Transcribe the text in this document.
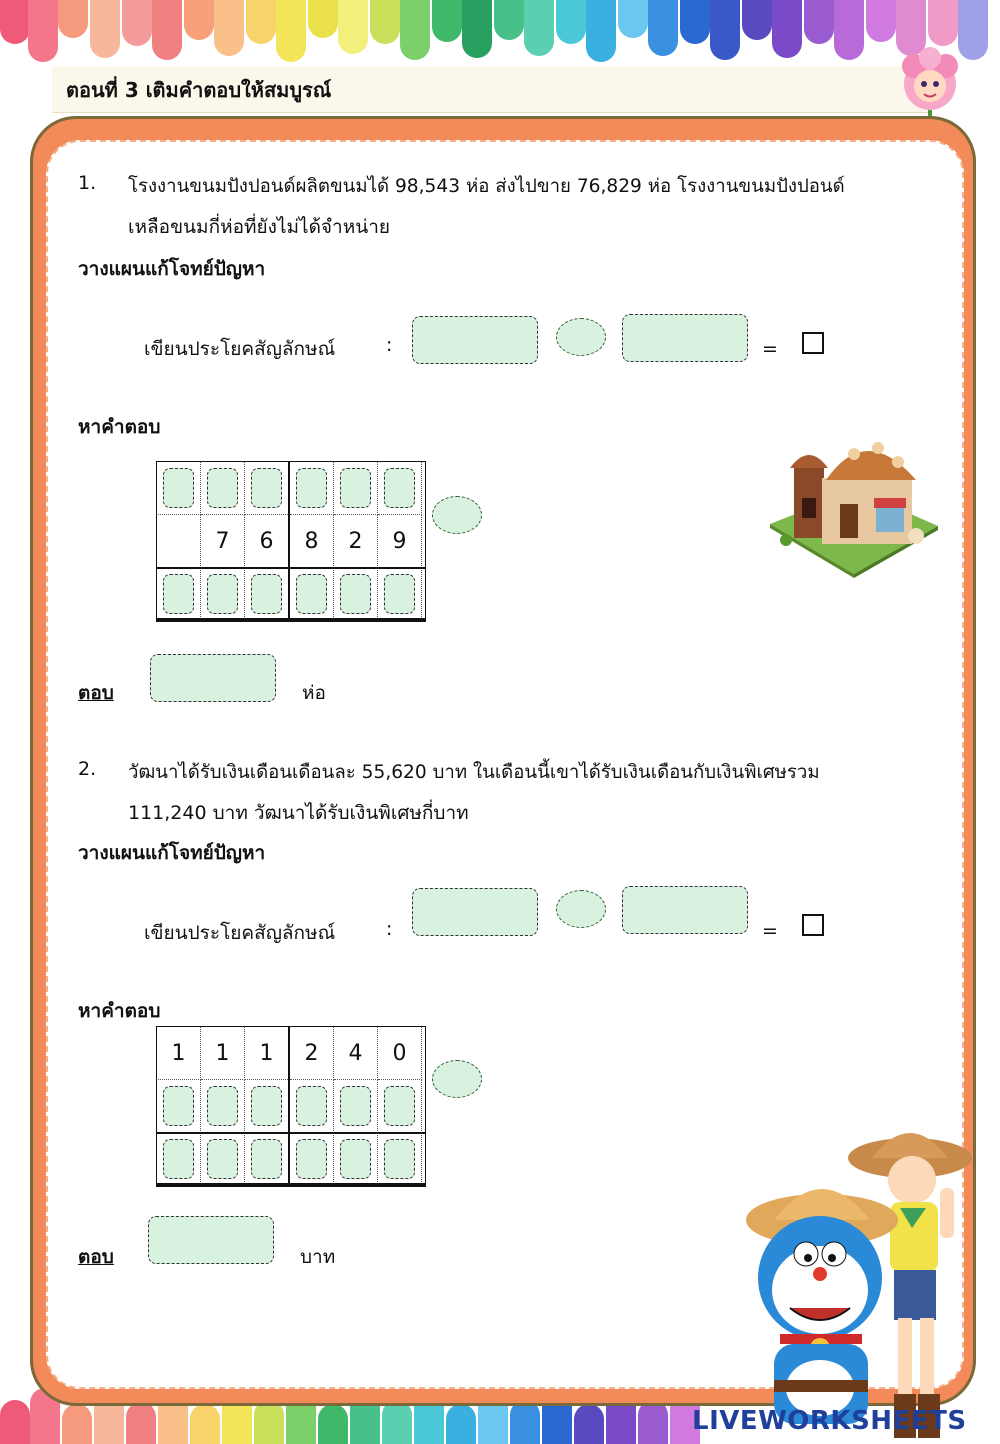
ตอนที่ 3 เติมคำตอบให้สมบูรณ์
1. โรงงานขนมปังปอนด์ผลิตขนมได้ 98,543 ห่อ ส่งไปขาย 76,829 ห่อ โรงงานขนมปังปอนด์
เหลือขนมกี่ห่อที่ยังไม่ได้จำหน่าย
วางแผนแก้โจทย์ปัญหา
เขียนประโยคสัญลักษณ์	:	=
หาคำตอบ

	7	6	8	2	9

ตอบ	ห่อ
2. วัฒนาได้รับเงินเดือนเดือนละ 55,620 บาท ในเดือนนี้เขาได้รับเงินเดือนกับเงินพิเศษรวม
111,240 บาท วัฒนาได้รับเงินพิเศษกี่บาท
วางแผนแก้โจทย์ปัญหา
เขียนประโยคสัญลักษณ์	:	=
หาคำตอบ
1	1	1	2	4	0

ตอบ	บาท
LIVEWORKSHEETS
